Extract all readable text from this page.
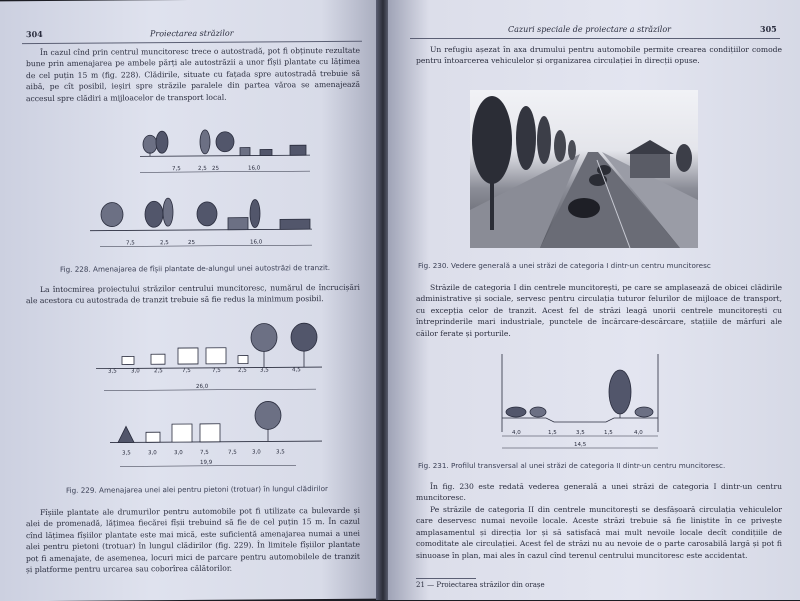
304	Proiectarea străzilor
În cazul cînd prin centrul muncitoresc trece o autostradă, pot fi obținute rezultate bune prin amenajarea pe ambele părți ale autostrăzii a unor fîșii plantate cu lățimea de cel puțin 15 m (fig. 228). Clădirile, situate cu fațada spre autostradă trebuie să aibă, pe cît posibil, ieșiri spre străzile paralele din partea văroa se amenajează accesul spre clădiri a mijloacelor de transport local.
7,5	2,5 25	16,0
7,5	2,5	25	16,0
Fig. 228. Amenajarea de fîșii plantate de-alungul unei autostrăzi de tranzit.
La întocmirea proiectului străzilor centrului muncitoresc, numărul de încrucișări ale acestora cu autostrada de tranzit trebuie să fie redus la minimum posibil.
3,5	3,0	2,5	7,5	7,5	2,5 3,5	4,5
26,0
3,5	3,0	3,0	7,5	7,5	3,0	3,5
19,9
Fig. 229. Amenajarea unei alei pentru pietoni (trotuar) în lungul clădirilor
Fîșiile plantate ale drumurilor pentru automobile pot fi utilizate ca bulevarde și alei de promenadă, lățimea fiecărei fîșii trebuind să fie de cel puțin 15 m. În cazul cînd lățimea fîșiilor plantate este mai mică, este suficientă amenajarea numai a unei alei pentru pietoni (trotuar) în lungul clădirilor (fig. 229). În limitele fîșiilor plantate pot fi amenajate, de asemenea, locuri mici de parcare pentru automobilele de tranzit și platforme pentru urcarea sau coborîrea călătorilor.
Cazuri speciale de proiectare a străzilor	305
Un refugiu așezat în axa drumului pentru automobile permite crearea condițiilor comode pentru întoarcerea vehiculelor și organizarea circulației în direcții opuse.
Fig. 230. Vedere generală a unei străzi de categoria I dintr-un centru muncitoresc
Străzile de categoria I din centrele muncitorești, pe care se amplasează de obicei clădirile administrative și sociale, servesc pentru circulația tuturor felurilor de mijloace de transport, cu excepția celor de tranzit. Acest fel de străzi leagă unorii centrele muncitorești cu întreprinderile mari industriale, punctele de încărcare-descărcare, stațiile de mărfuri ale căilor ferate și porturile.
4,0	1,5	3,5	1,5	4,0
14,5
Fig. 231. Profilul transversal al unei străzi de categoria II dintr-un centru muncitoresc.
În fig. 230 este redată vederea generală a unei străzi de categoria I dintr-un centru muncitoresc.
Pe străzile de categoria II din centrele muncitorești se desfășoară circulația vehiculelor care deservesc numai nevoile locale. Aceste străzi trebuie să fie liniștite în ce privește amplasamentul și direcția lor și să satisfacă mai mult nevoile locale decît condițiile de comoditate ale circulației. Acest fel de străzi nu au nevoie de o parte carosabilă largă și pot fi sinuoase în plan, mai ales în cazul cînd terenul centrului muncitoresc este accidentat.
21 — Proiectarea străzilor din orașe
